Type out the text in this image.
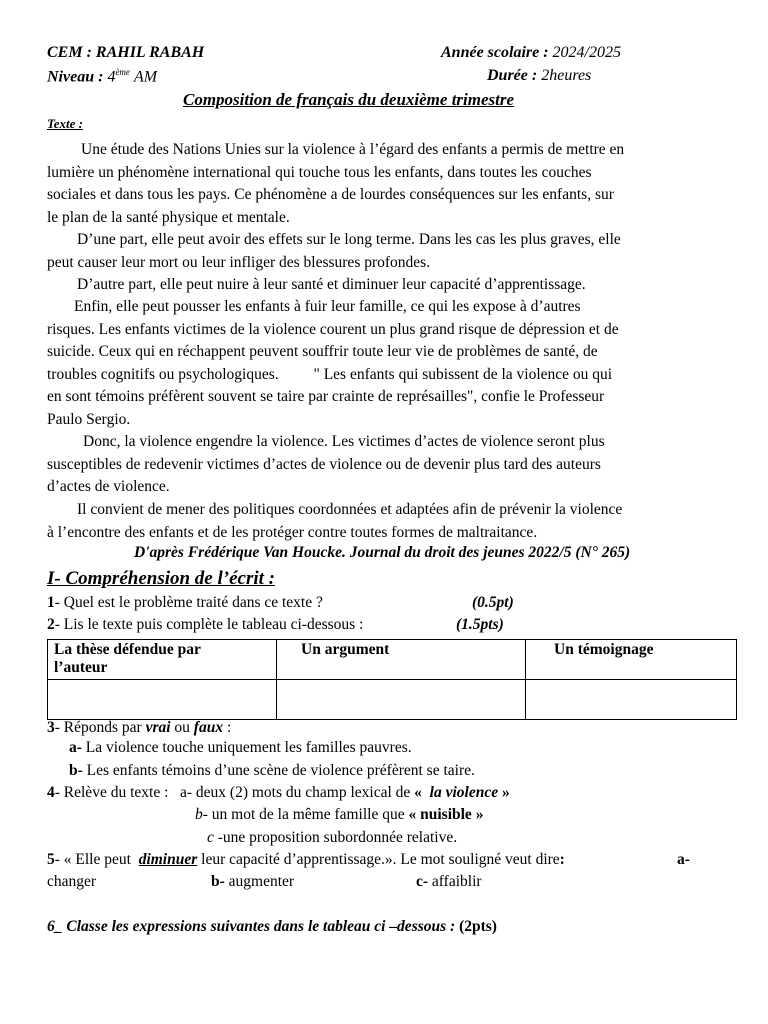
CEM : RAHIL RABAH	Année scolaire : 2024/2025
Niveau : 4ème AM	Durée : 2heures
Composition de français du deuxième trimestre
Texte :
Une étude des Nations Unies sur la violence à l’égard des enfants a permis de mettre en
lumière un phénomène international qui touche tous les enfants, dans toutes les couches
sociales et dans tous les pays. Ce phénomène a de lourdes conséquences sur les enfants, sur
le plan de la santé physique et mentale.
D’une part, elle peut avoir des effets sur le long terme. Dans les cas les plus graves, elle
peut causer leur mort ou leur infliger des blessures profondes.
D’autre part, elle peut nuire à leur santé et diminuer leur capacité d’apprentissage.
Enfin, elle peut pousser les enfants à fuir leur famille, ce qui les expose à d’autres
risques. Les enfants victimes de la violence courent un plus grand risque de dépression et de
suicide. Ceux qui en réchappent peuvent souffrir toute leur vie de problèmes de santé, de
troubles cognitifs ou psychologiques.         " Les enfants qui subissent de la violence ou qui
en sont témoins préfèrent souvent se taire par crainte de représailles", confie le Professeur
Paulo Sergio.
Donc, la violence engendre la violence. Les victimes d’actes de violence seront plus
susceptibles de redevenir victimes d’actes de violence ou de devenir plus tard des auteurs
d’actes de violence.
Il convient de mener des politiques coordonnées et adaptées afin de prévenir la violence
à l’encontre des enfants et de les protéger contre toutes formes de maltraitance.
D'après Frédérique Van Houcke. Journal du droit des jeunes 2022/5 (N° 265)
I- Compréhension de l’écrit :
1- Quel est le problème traité dans ce texte ?	(0.5pt)
2- Lis le texte puis complète le tableau ci-dessous :	(1.5pts)
La thèse défendue par
l’auteur	Un argument	Un témoignage

3- Réponds par vrai ou faux :
a- La violence touche uniquement les familles pauvres.
b- Les enfants témoins d’une scène de violence préfèrent se taire.
4- Relève du texte :   a- deux (2) mots du champ lexical de «  la violence »
b- un mot de la même famille que « nuisible »
c -une proposition subordonnée relative.
5- « Elle peut  diminuer leur capacité d’apprentissage.». Le mot souligné veut dire:	a-
changer	b- augmenter	c- affaiblir
6_ Classe les expressions suivantes dans le tableau ci –dessous : (2pts)
